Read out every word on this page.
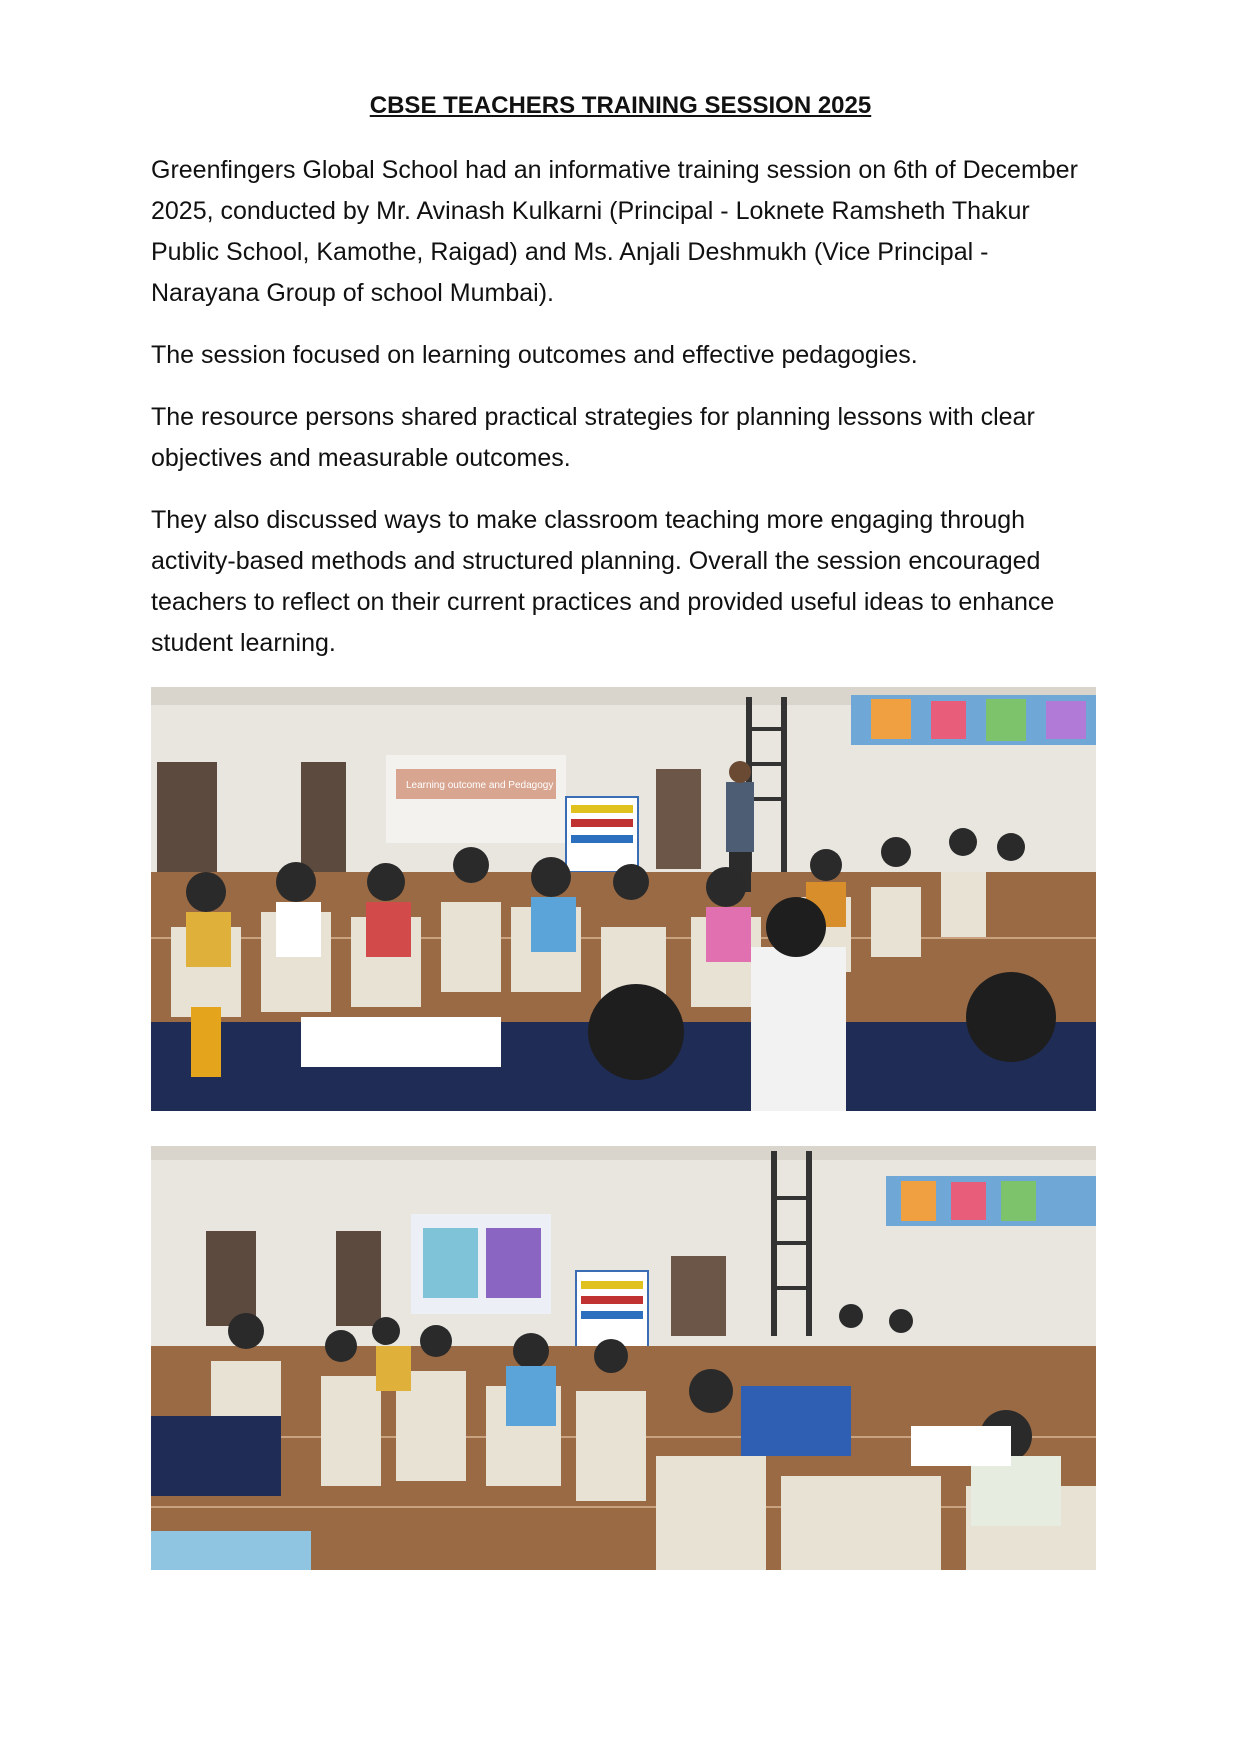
CBSE TEACHERS TRAINING SESSION 2025

Greenfingers Global School had an informative training session on 6th of December 2025, conducted by Mr. Avinash Kulkarni (Principal - Loknete Ramsheth Thakur Public School, Kamothe, Raigad) and Ms. Anjali Deshmukh (Vice Principal - Narayana Group of school Mumbai).

The session focused on learning outcomes and effective pedagogies.

The resource persons shared practical strategies for planning lessons with clear objectives and measurable outcomes.

They also discussed ways to make classroom teaching more engaging through activity-based methods and structured planning. Overall the session encouraged teachers to reflect on their current practices and provided useful ideas to enhance student learning.

Learning outcome and Pedagogy
